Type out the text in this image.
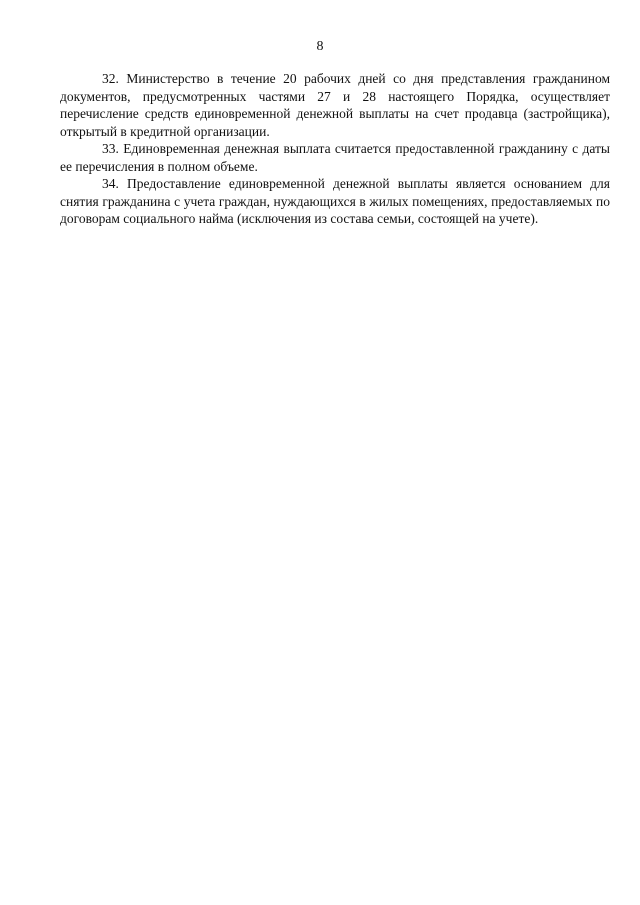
8

32. Министерство в течение 20 рабочих дней со дня представления гражданином документов, предусмотренных частями 27 и 28 настоящего Порядка, осуществляет перечисление средств единовременной денежной выплаты на счет продавца (застройщика), открытый в кредитной организации.

33. Единовременная денежная выплата считается предоставленной гражданину с даты ее перечисления в полном объеме.

34. Предоставление единовременной денежной выплаты является основанием для снятия гражданина с учета граждан, нуждающихся в жилых помещениях, предоставляемых по договорам социального найма (исключения из состава семьи, состоящей на учете).
